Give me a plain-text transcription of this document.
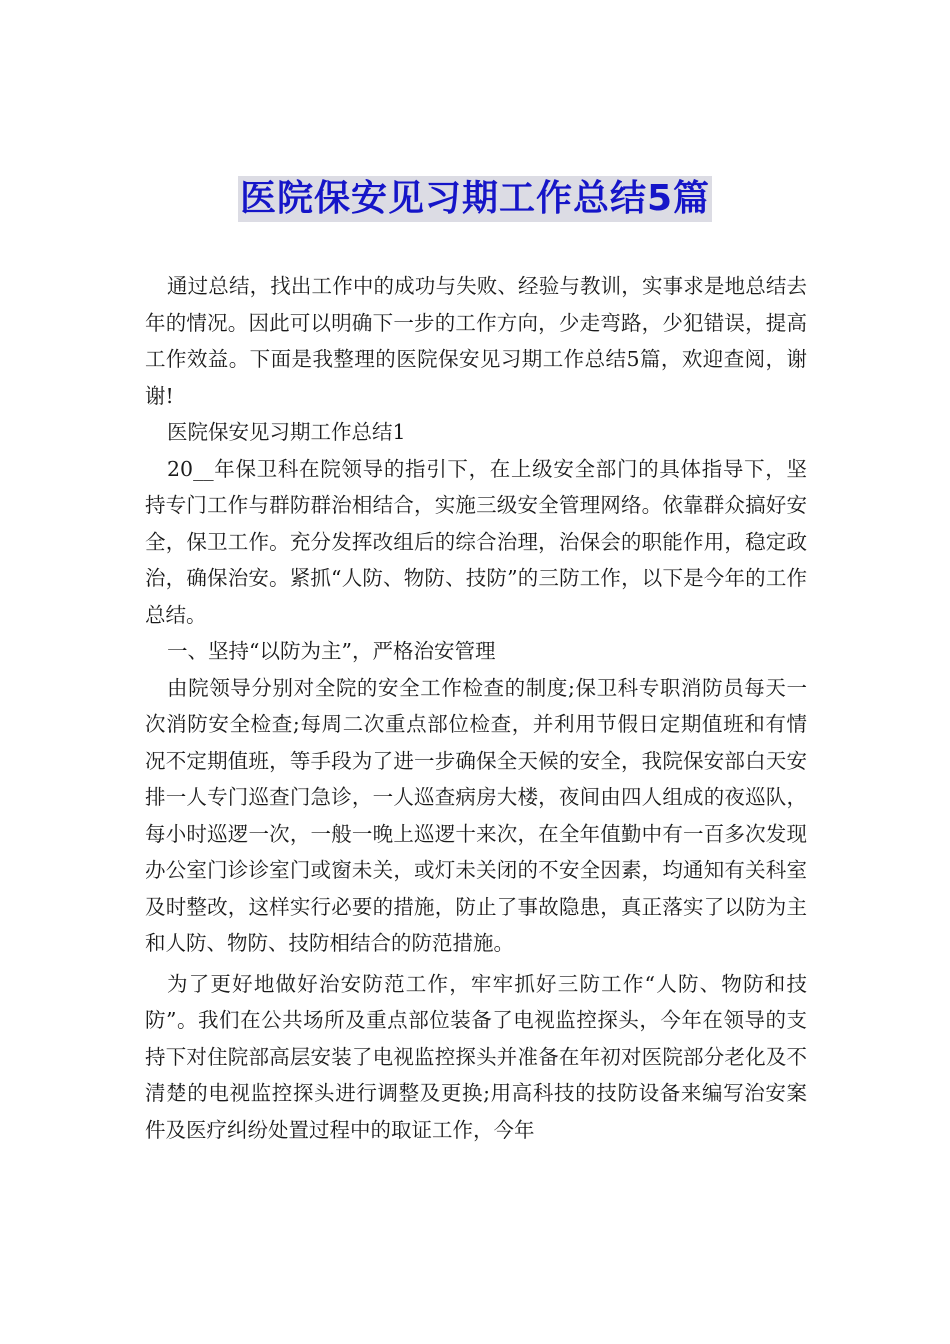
医院保安见习期工作总结5篇

通过总结，找出工作中的成功与失败、经验与教训，实事求是地总结去年的情况。因此可以明确下一步的工作方向，少走弯路，少犯错误，提高工作效益。下面是我整理的医院保安见习期工作总结5篇，欢迎查阅，谢谢!

医院保安见习期工作总结1

20__年保卫科在院领导的指引下，在上级安全部门的具体指导下，坚持专门工作与群防群治相结合，实施三级安全管理网络。依靠群众搞好安全，保卫工作。充分发挥改组后的综合治理，治保会的职能作用，稳定政治，确保治安。紧抓“人防、物防、技防”的三防工作，以下是今年的工作总结。

一、坚持“以防为主”，严格治安管理

由院领导分别对全院的安全工作检查的制度;保卫科专职消防员每天一次消防安全检查;每周二次重点部位检查，并利用节假日定期值班和有情况不定期值班，等手段为了进一步确保全天候的安全，我院保安部白天安排一人专门巡查门急诊，一人巡查病房大楼，夜间由四人组成的夜巡队，每小时巡逻一次，一般一晚上巡逻十来次，在全年值勤中有一百多次发现办公室门诊诊室门或窗未关，或灯未关闭的不安全因素，均通知有关科室及时整改，这样实行必要的措施，防止了事故隐患，真正落实了以防为主和人防、物防、技防相结合的防范措施。

为了更好地做好治安防范工作，牢牢抓好三防工作“人防、物防和技防”。我们在公共场所及重点部位装备了电视监控探头，今年在领导的支持下对住院部高层安装了电视监控探头并准备在年初对医院部分老化及不清楚的电视监控探头进行调整及更换;用高科技的技防设备来编写治安案件及医疗纠纷处置过程中的取证工作，今年
